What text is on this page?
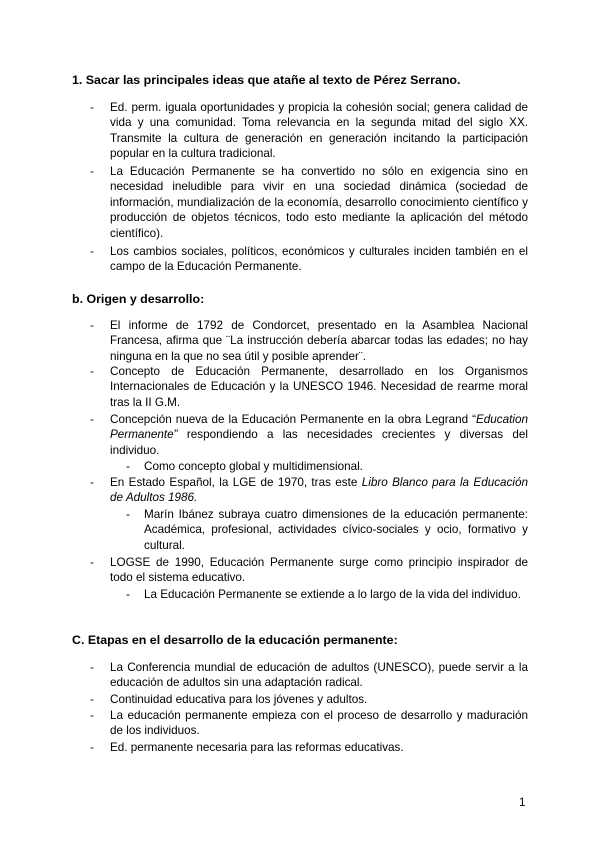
1. Sacar las principales ideas que atañe al texto de Pérez Serrano.
- Ed. perm. iguala oportunidades y propicia la cohesión social; genera calidad de vida y una comunidad. Toma relevancia en la segunda mitad del siglo XX. Transmite la cultura de generación en generación incitando la participación popular en la cultura tradicional.
- La Educación Permanente se ha convertido no sólo en exigencia sino en necesidad ineludible para vivir en una sociedad dinámica (sociedad de información, mundialización de la economía, desarrollo conocimiento científico y producción de objetos técnicos, todo esto mediante la aplicación del método científico).
- Los cambios sociales, políticos, económicos y culturales inciden también en el campo de la Educación Permanente.
b. Origen y desarrollo:
- El informe de 1792 de Condorcet, presentado en la Asamblea Nacional Francesa, afirma que ¨La instrucción debería abarcar todas las edades; no hay ninguna en la que no sea útil y posible aprender¨.
- Concepto de Educación Permanente, desarrollado en los Organismos Internacionales de Educación y la UNESCO 1946. Necesidad de rearme moral tras la II G.M.
- Concepción nueva de la Educación Permanente en la obra Legrand “Education Permanente” respondiendo a las necesidades crecientes y diversas del individuo.
- Como concepto global y multidimensional.
- En Estado Español, la LGE de 1970, tras este Libro Blanco para la Educación de Adultos 1986.
- Marín Ibánez subraya cuatro dimensiones de la educación permanente: Académica, profesional, actividades cívico-sociales y ocio, formativo y cultural.
- LOGSE de 1990, Educación Permanente surge como principio inspirador de todo el sistema educativo.
- La Educación Permanente se extiende a lo largo de la vida del individuo.
C. Etapas en el desarrollo de la educación permanente:
- La Conferencia mundial de educación de adultos (UNESCO), puede servir a la educación de adultos sin una adaptación radical.
- Continuidad educativa para los jóvenes y adultos.
- La educación permanente empieza con el proceso de desarrollo y maduración de los individuos.
- Ed. permanente necesaria para las reformas educativas.
1
